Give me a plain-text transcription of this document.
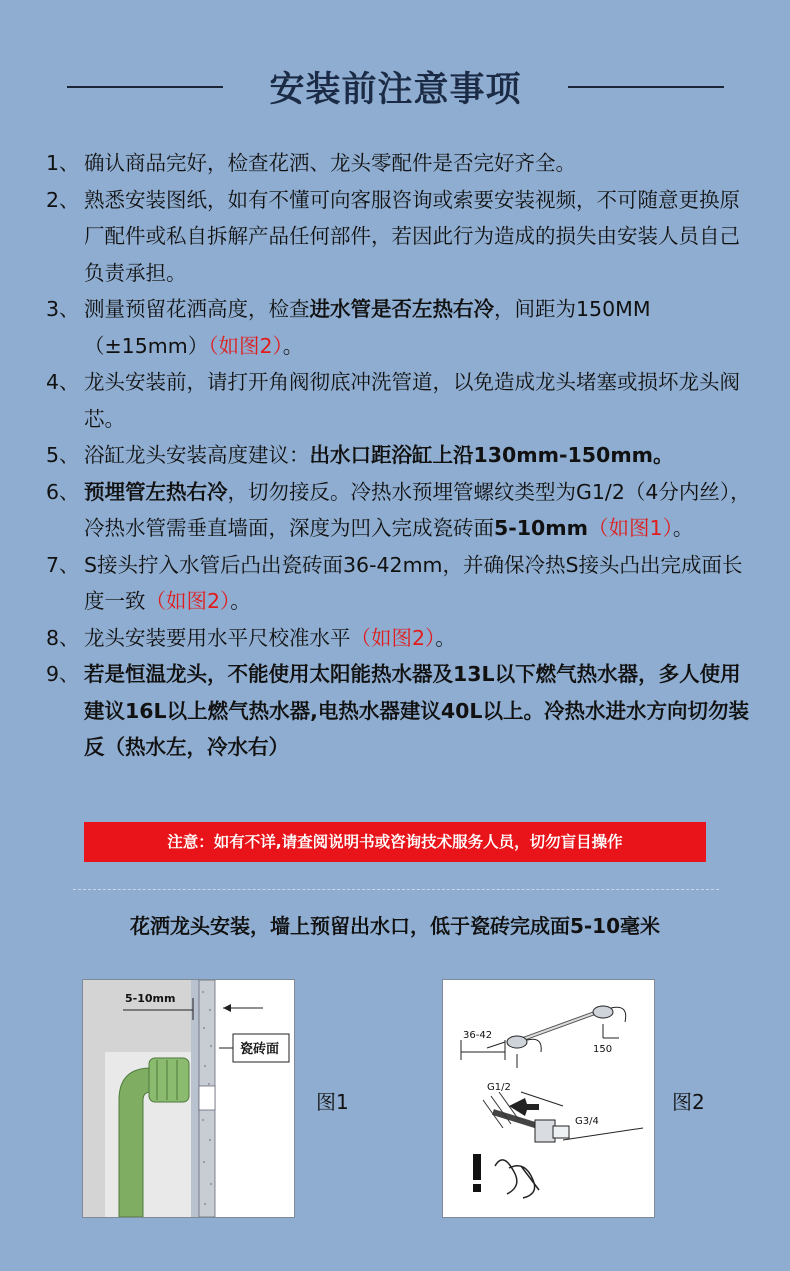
安装前注意事项
1、 确认商品完好，检查花洒、龙头零配件是否完好齐全。
2、 熟悉安装图纸，如有不懂可向客服咨询或索要安装视频，不可随意更换原厂配件或私自拆解产品任何部件，若因此行为造成的损失由安装人员自己负责承担。
3、 测量预留花洒高度，检查进水管是否左热右冷，间距为150MM（±15mm）（如图2）。
4、 龙头安装前，请打开角阀彻底冲洗管道，以免造成龙头堵塞或损坏龙头阀芯。
5、 浴缸龙头安装高度建议：出水口距浴缸上沿130mm-150mm。
6、 预埋管左热右冷，切勿接反。冷热水预埋管螺纹类型为G1/2（4分内丝），冷热水管需垂直墙面，深度为凹入完成瓷砖面5-10mm（如图1）。
7、 S接头拧入水管后凸出瓷砖面36-42mm，并确保冷热S接头凸出完成面长度一致（如图2）。
8、 龙头安装要用水平尺校准水平（如图2）。
9、 若是恒温龙头，不能使用太阳能热水器及13L以下燃气热水器，多人使用建议16L以上燃气热水器,电热水器建议40L以上。冷热水进水方向切勿装反（热水左，冷水右）
注意：如有不详,请查阅说明书或咨询技术服务人员，切勿盲目操作
花洒龙头安装，墙上预留出水口，低于瓷砖完成面5-10毫米
5-10mm
瓷砖面
图1
36-42
150
G1/2
G3/4
图2
